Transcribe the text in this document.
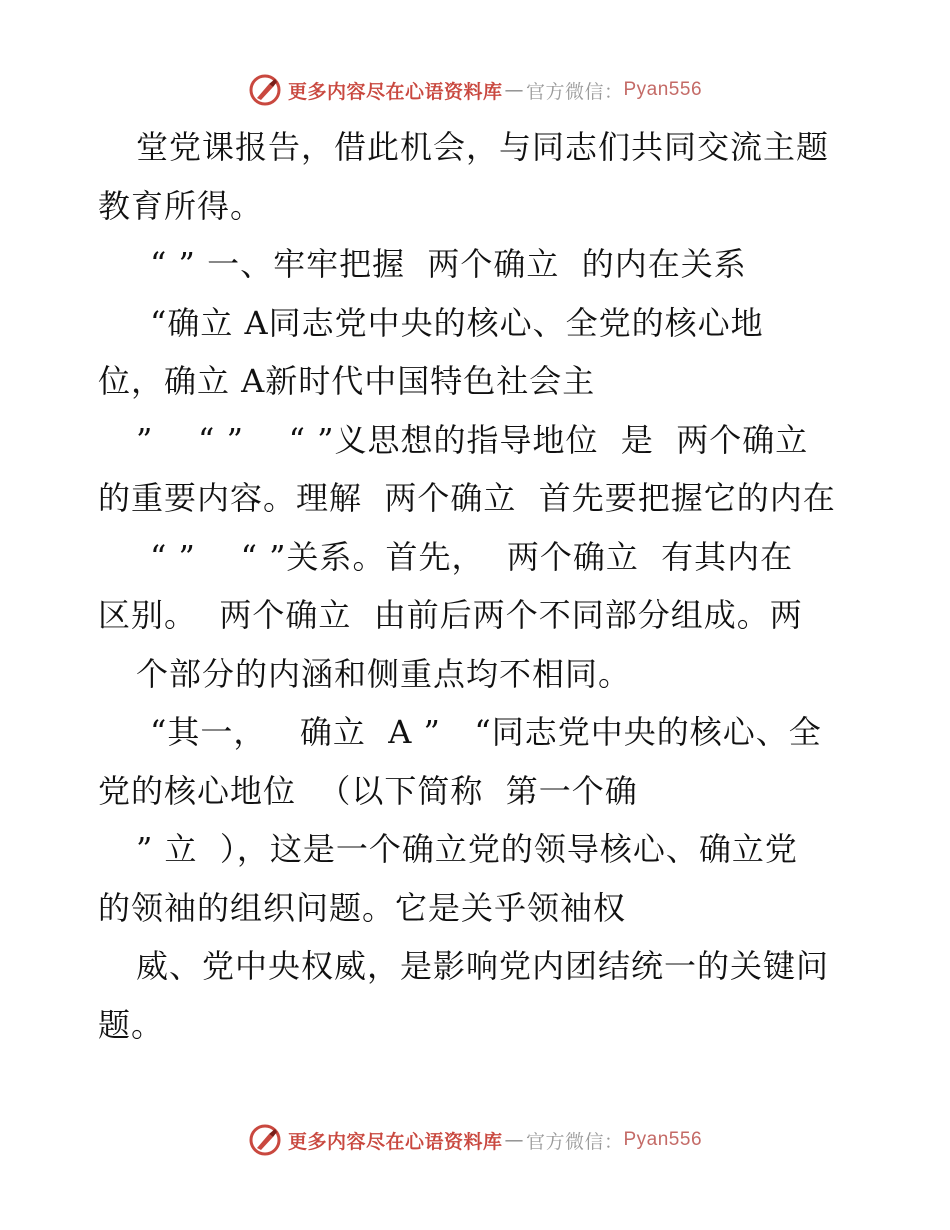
更多内容尽在心语资料库 — 官方微信： Pyan556
堂党课报告，借此机会，与同志们共同交流主题
教育所得。
“ ” 一、牢牢把握  两个确立  的内在关系
“确立 A同志党中央的核心、全党的核心地
位，确立 A新时代中国特色社会主
”    “ ”    “ ”义思想的指导地位  是  两个确立
的重要内容。理解  两个确立  首先要把握它的内在
“ ”    “ ”关系。首先，  两个确立  有其内在
区别。  两个确立  由前后两个不同部分组成。两
个部分的内涵和侧重点均不相同。
“其一，   确立  A ”   “同志党中央的核心、全
党的核心地位  （以下简称  第一个确
” 立  ），这是一个确立党的领导核心、确立党
的领袖的组织问题。它是关乎领袖权
威、党中央权威，是影响党内团结统一的关键问
题。
更多内容尽在心语资料库 — 官方微信： Pyan556
